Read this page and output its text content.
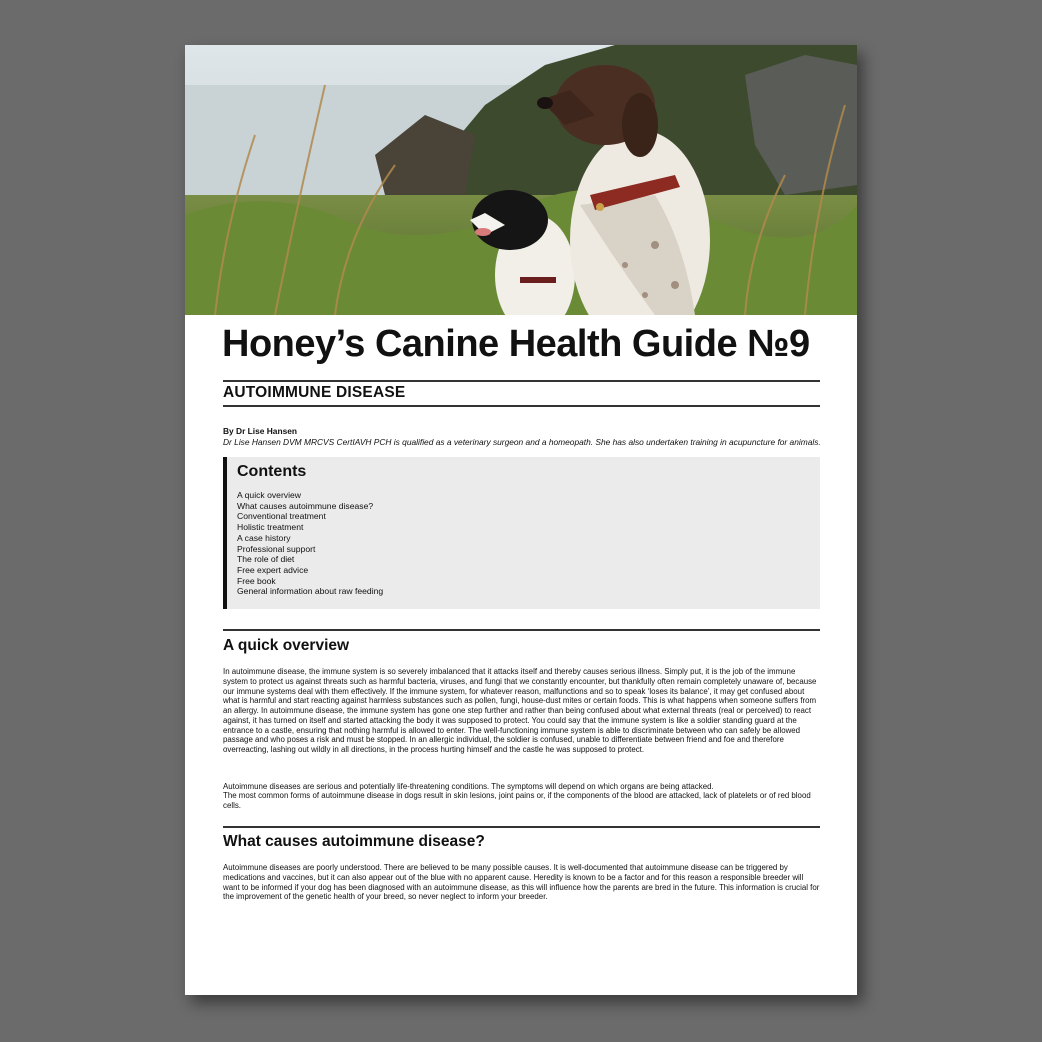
Honey’s Canine Health Guide №9
AUTOIMMUNE DISEASE
By Dr Lise Hansen
Dr Lise Hansen DVM MRCVS CertIAVH PCH is qualified as a veterinary surgeon and a homeopath. She has also undertaken training in acupuncture for animals.
Contents
A quick overview
What causes autoimmune disease?
Conventional treatment
Holistic treatment
A case history
Professional support
The role of diet
Free expert advice
Free book
General information about raw feeding
A quick overview

In autoimmune disease, the immune system is so severely imbalanced that it attacks itself and thereby causes serious illness. Simply put, it is the job of the immune system to protect us against threats such as harmful bacteria, viruses, and fungi that we constantly encounter, but thankfully often remain completely unaware of, because our immune systems deal with them effectively. If the immune system, for whatever reason, malfunctions and so to speak ‘loses its balance’, it may get confused about what is harmful and start reacting against harmless substances such as pollen, fungi, house-dust mites or certain foods. This is what happens when someone suffers from an allergy. In autoimmune disease, the immune system has gone one step further and rather than being confused about what external threats (real or perceived) to react against, it has turned on itself and started attacking the body it was supposed to protect. You could say that the immune system is like a soldier standing guard at the entrance to a castle, ensuring that nothing harmful is allowed to enter. The well-functioning immune system is able to discriminate between who can safely be allowed passage and who poses a risk and must be stopped. In an allergic individual, the soldier is confused, unable to differentiate between friend and foe and therefore overreacting, lashing out wildly in all directions, in the process hurting himself and the castle he was supposed to protect.

Autoimmune diseases are serious and potentially life-threatening conditions. The symptoms will depend on which organs are being attacked.

The most common forms of autoimmune disease in dogs result in skin lesions, joint pains or, if the components of the blood are attacked, lack of platelets or of red blood cells.

What causes autoimmune disease?

Autoimmune diseases are poorly understood. There are believed to be many possible causes. It is well-documented that autoimmune disease can be triggered by medications and vaccines, but it can also appear out of the blue with no apparent cause. Heredity is known to be a factor and for this reason a responsible breeder will want to be informed if your dog has been diagnosed with an autoimmune disease, as this will influence how the parents are bred in the future. This information is crucial for the improvement of the genetic health of your breed, so never neglect to inform your breeder.
